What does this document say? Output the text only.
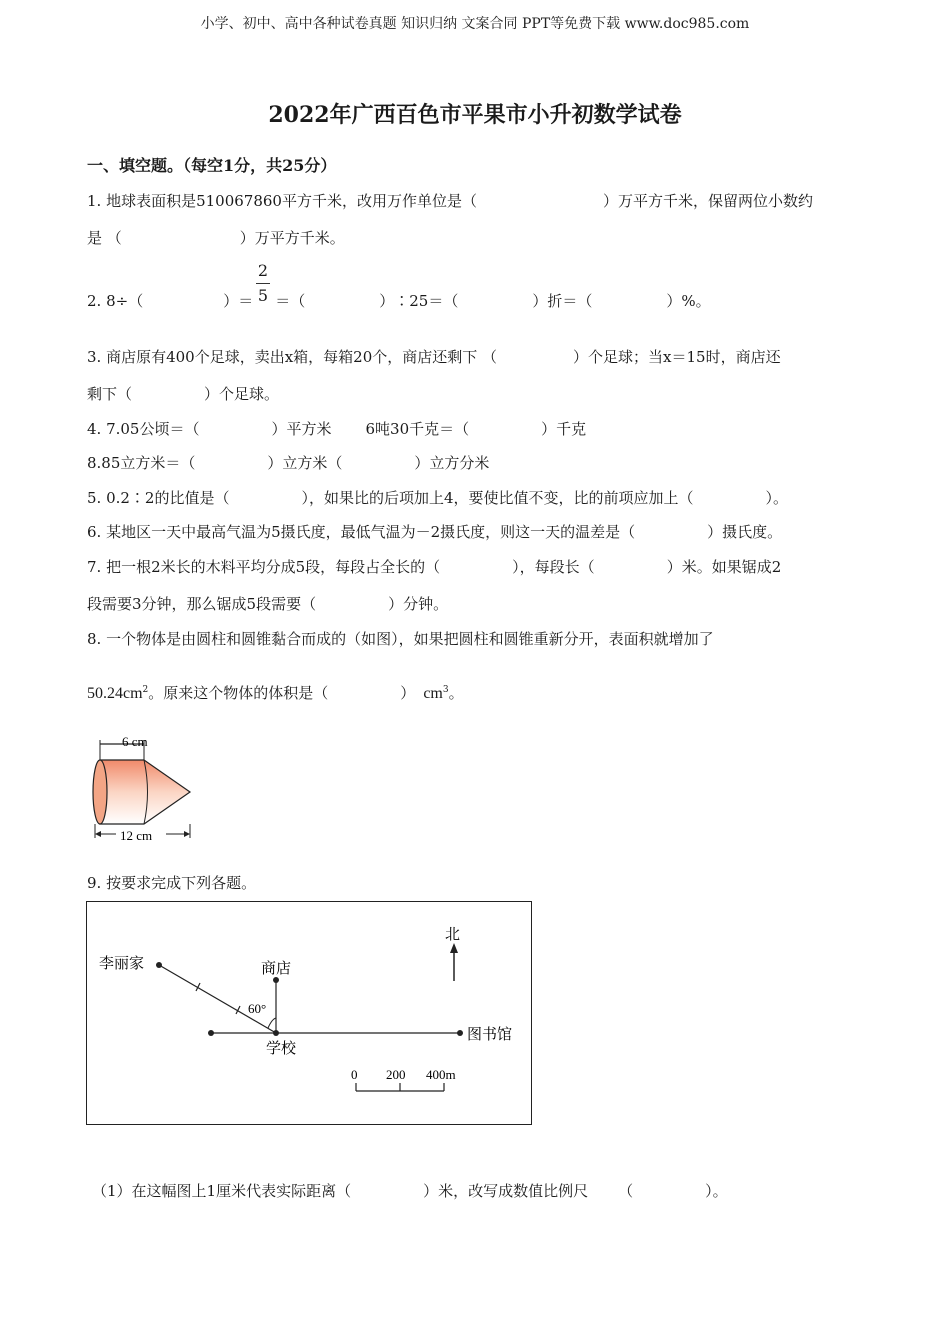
小学、初中、高中各种试卷真题 知识归纳 文案合同 PPT等免费下载 www.doc985.com
2022年广西百色市平果市小升初数学试卷
一、填空题。（每空1分，共25分）
1. 地球表面积是510067860平方千米，改用万作单位是（	）万平方千米，保留两位小数约
是 （	）万平方千米。
2. 8÷（	）＝ ＝（	）∶25＝（	）折＝（	）%。
2
5
3. 商店原有400个足球，卖出x箱，每箱20个，商店还剩下 （	）个足球；当x＝15时，商店还
剩下（	）个足球。
4. 7.05公顷＝（	）平方米 6吨30千克＝（	）千克
8.85立方米＝（	）立方米（	）立方分米
5. 0.2∶2的比值是（	），如果比的后项加上4，要使比值不变，比的前项应加上（	）。
6. 某地区一天中最高气温为5摄氏度，最低气温为－2摄氏度，则这一天的温差是（	）摄氏度。
7. 把一根2米长的木料平均分成5段，每段占全长的（	），每段长（	）米。如果锯成2
段需要3分钟，那么锯成5段需要（	）分钟。
8. 一个物体是由圆柱和圆锥黏合而成的（如图），如果把圆柱和圆锥重新分开，表面积就增加了
$50.24cm^2$。原来这个物体的体积是（	） $cm^3$。
6 cm
12 cm
9. 按要求完成下列各题。
北
60°
李丽家	商店
学校
图书馆
0 200 400m
（1）在这幅图上1厘米代表实际距离（	）米，改写成数值比例尺 （	）。
